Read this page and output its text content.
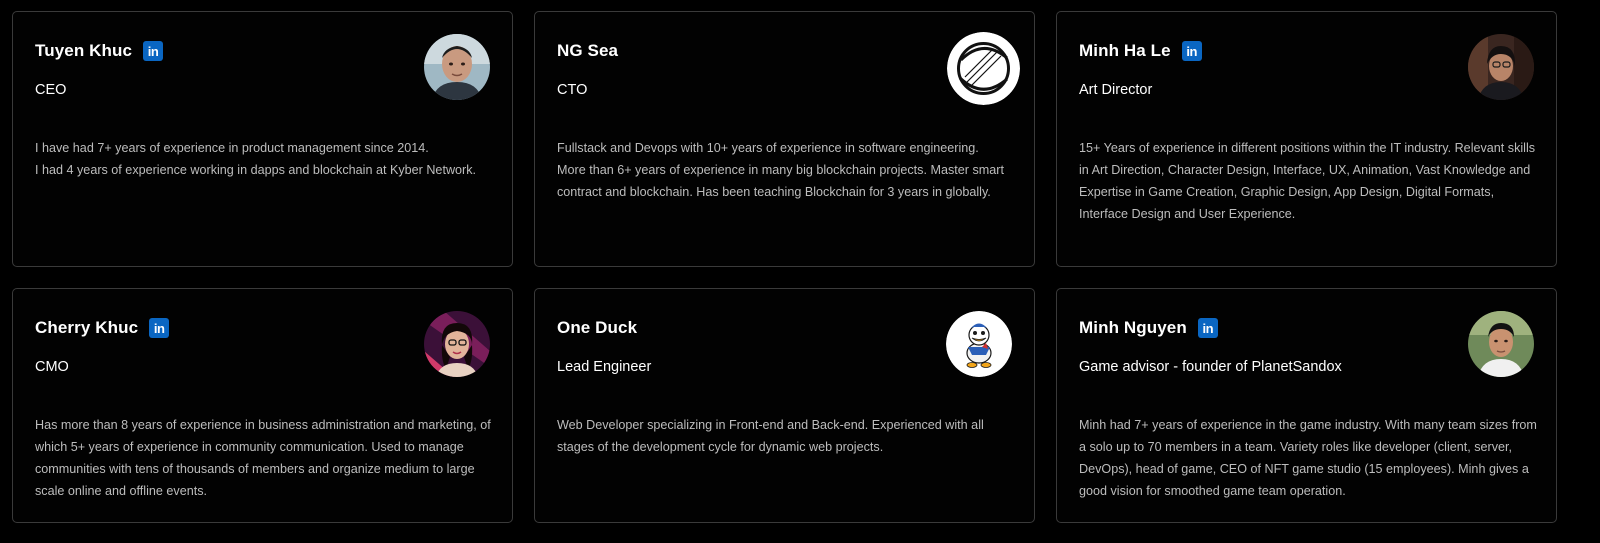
Tuyen Khuc	in
CEO

I have had 7+ years of experience in product management since 2014.

I had 4 years of experience working in dapps and blockchain at Kyber Network.

NG Sea
CTO

Fullstack and Devops with 10+ years of experience in software engineering.

More than 6+ years of experience in many big blockchain projects. Master smart contract and blockchain. Has been teaching Blockchain for 3 years in globally.

Minh Ha Le	in
Art Director

15+ Years of experience in different positions within the IT industry. Relevant skills in Art Direction, Character Design, Interface, UX, Animation, Vast Knowledge and Expertise in Game Creation, Graphic Design, App Design, Digital Formats, Interface Design and User Experience.

Cherry Khuc	in
CMO

Has more than 8 years of experience in business administration and marketing, of which 5+ years of experience in community communication. Used to manage communities with tens of thousands of members and organize medium to large scale online and offline events.

One Duck
Lead Engineer

Web Developer specializing in Front-end and Back-end. Experienced with all stages of the development cycle for dynamic web projects.

Minh Nguyen	in
Game advisor - founder of PlanetSandox

Minh had 7+ years of experience in the game industry. With many team sizes from a solo up to 70 members in a team. Variety roles like developer (client, server, DevOps), head of game, CEO of NFT game studio (15 employees). Minh gives a good vision for smoothed game team operation.
